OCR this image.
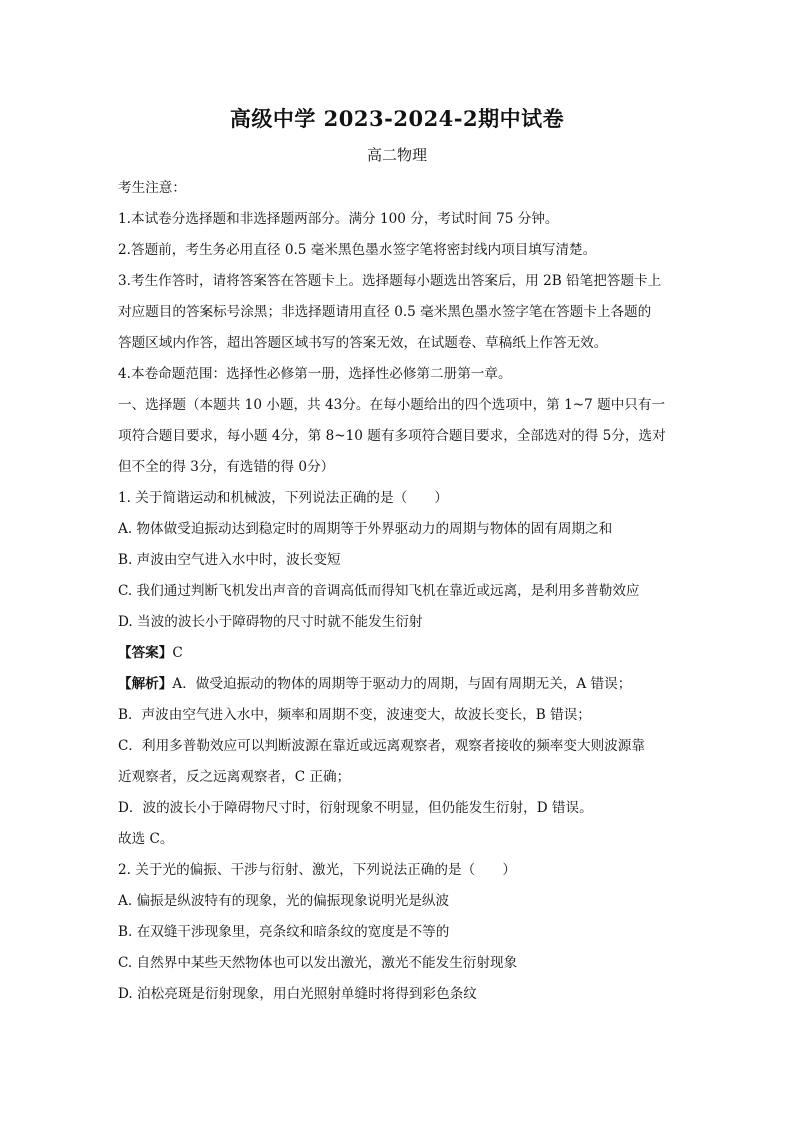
高级中学 2023-2024-2期中试卷
高二物理

考生注意：

1.本试卷分选择题和非选择题两部分。满分 100 分，考试时间 75 分钟。

2.答题前，考生务必用直径 0.5 毫米黑色墨水签字笔将密封线内项目填写清楚。

3.考生作答时，请将答案答在答题卡上。选择题每小题选出答案后，用 2B 铅笔把答题卡上

对应题目的答案标号涂黑；非选择题请用直径 0.5 毫米黑色墨水签字笔在答题卡上各题的

答题区域内作答，超出答题区域书写的答案无效，在试题卷、草稿纸上作答无效。

4.本卷命题范围：选择性必修第一册，选择性必修第二册第一章。

一、选择题（本题共 10 小题，共 43分。在每小题给出的四个选项中，第 1~7 题中只有一

项符合题目要求，每小题 4分，第 8~10 题有多项符合题目要求，全部选对的得 5分，选对

但不全的得 3分，有选错的得 0分）

1. 关于简谐运动和机械波，下列说法正确的是（　　）

A. 物体做受迫振动达到稳定时的周期等于外界驱动力的周期与物体的固有周期之和

B. 声波由空气进入水中时，波长变短

C. 我们通过判断飞机发出声音的音调高低而得知飞机在靠近或远离，是利用多普勒效应

D. 当波的波长小于障碍物的尺寸时就不能发生衍射

【答案】C

【解析】A．做受迫振动的物体的周期等于驱动力的周期，与固有周期无关，A 错误；

B．声波由空气进入水中，频率和周期不变，波速变大，故波长变长，B 错误；

C．利用多普勒效应可以判断波源在靠近或远离观察者，观察者接收的频率变大则波源靠

近观察者，反之远离观察者，C 正确；

D．波的波长小于障碍物尺寸时，衍射现象不明显，但仍能发生衍射，D 错误。

故选 C。

2. 关于光的偏振、干涉与衍射、激光，下列说法正确的是（　　）

A. 偏振是纵波特有的现象，光的偏振现象说明光是纵波

B. 在双缝干涉现象里，亮条纹和暗条纹的宽度是不等的

C. 自然界中某些天然物体也可以发出激光，激光不能发生衍射现象

D. 泊松亮斑是衍射现象，用白光照射单缝时将得到彩色条纹
